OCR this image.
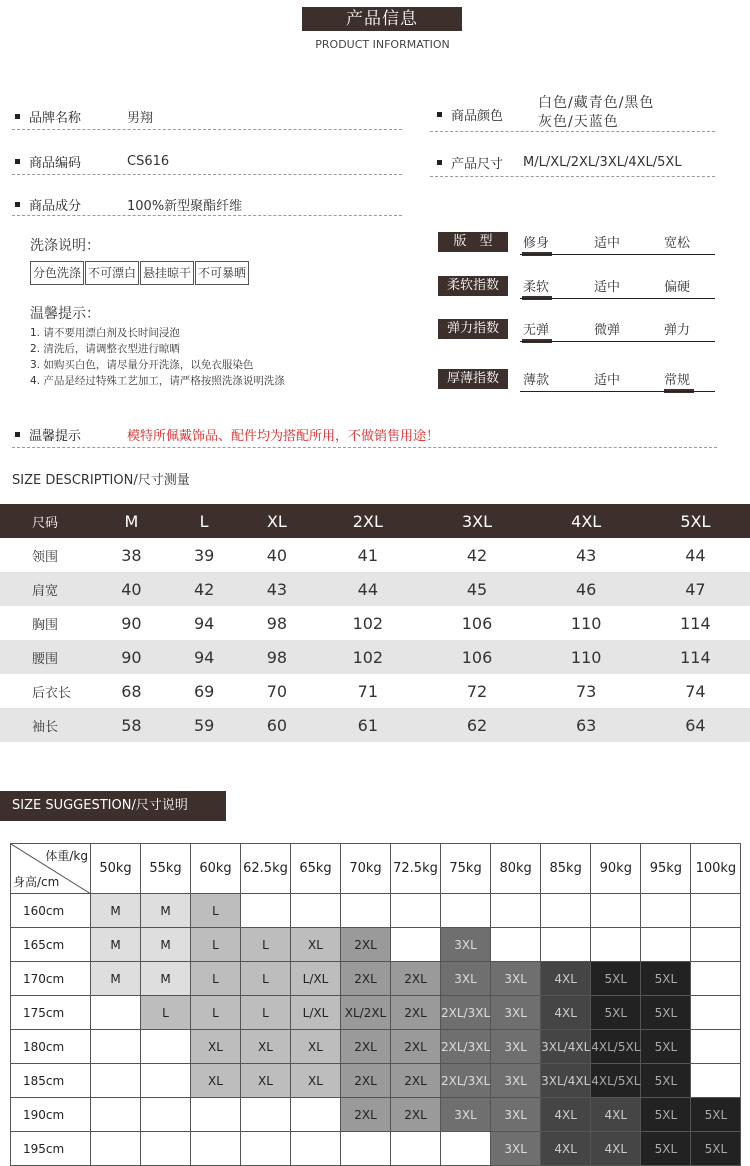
产品信息
PRODUCT INFORMATION
品牌名称	男翔
商品编码	CS616
商品成分	100%新型聚酯纤维
商品颜色
白色/藏青色/黑色
灰色/天蓝色
产品尺寸	M/L/XL/2XL/3XL/4XL/5XL
洗涤说明：
分色洗涤 不可漂白 悬挂晾干 不可暴晒
温馨提示：
1. 请不要用漂白剂及长时间浸泡
2. 清洗后，请调整衣型进行晾晒
3. 如购买白色，请尽量分开洗涤，以免衣服染色
4. 产品是经过特殊工艺加工，请严格按照洗涤说明洗涤
版　型	修身	适中	宽松
柔软指数	柔软	适中	偏硬
弹力指数	无弹	微弹	弹力
厚薄指数	薄款	适中	常规
温馨提示	模特所佩戴饰品、配件均为搭配所用，不做销售用途！
SIZE DESCRIPTION/尺寸测量
尺码	M	L	XL	2XL	3XL	4XL	5XL
领围	38	39	40	41	42	43	44
肩宽	40	42	43	44	45	46	47
胸围	90	94	98	102	106	110	114
腰围	90	94	98	102	106	110	114
后衣长	68	69	70	71	72	73	74
袖长	58	59	60	61	62	63	64
SIZE SUGGESTION/尺寸说明
体重/kg
身高/cm	50kg	55kg	60kg	62.5kg	65kg	70kg	72.5kg	75kg	80kg	85kg	90kg	95kg	100kg
160cm	M	M	L										
165cm	M	M	L	L	XL	2XL		3XL					
170cm	M	M	L	L	L/XL	2XL	2XL	3XL	3XL	4XL	5XL	5XL	
175cm		L	L	L	L/XL	XL/2XL	2XL	2XL/3XL	3XL	4XL	5XL	5XL	
180cm			XL	XL	XL	2XL	2XL	2XL/3XL	3XL	3XL/4XL	4XL/5XL	5XL	
185cm			XL	XL	XL	2XL	2XL	2XL/3XL	3XL	3XL/4XL	4XL/5XL	5XL	
190cm						2XL	2XL	3XL	3XL	4XL	4XL	5XL	5XL
195cm									3XL	4XL	4XL	5XL	5XL
